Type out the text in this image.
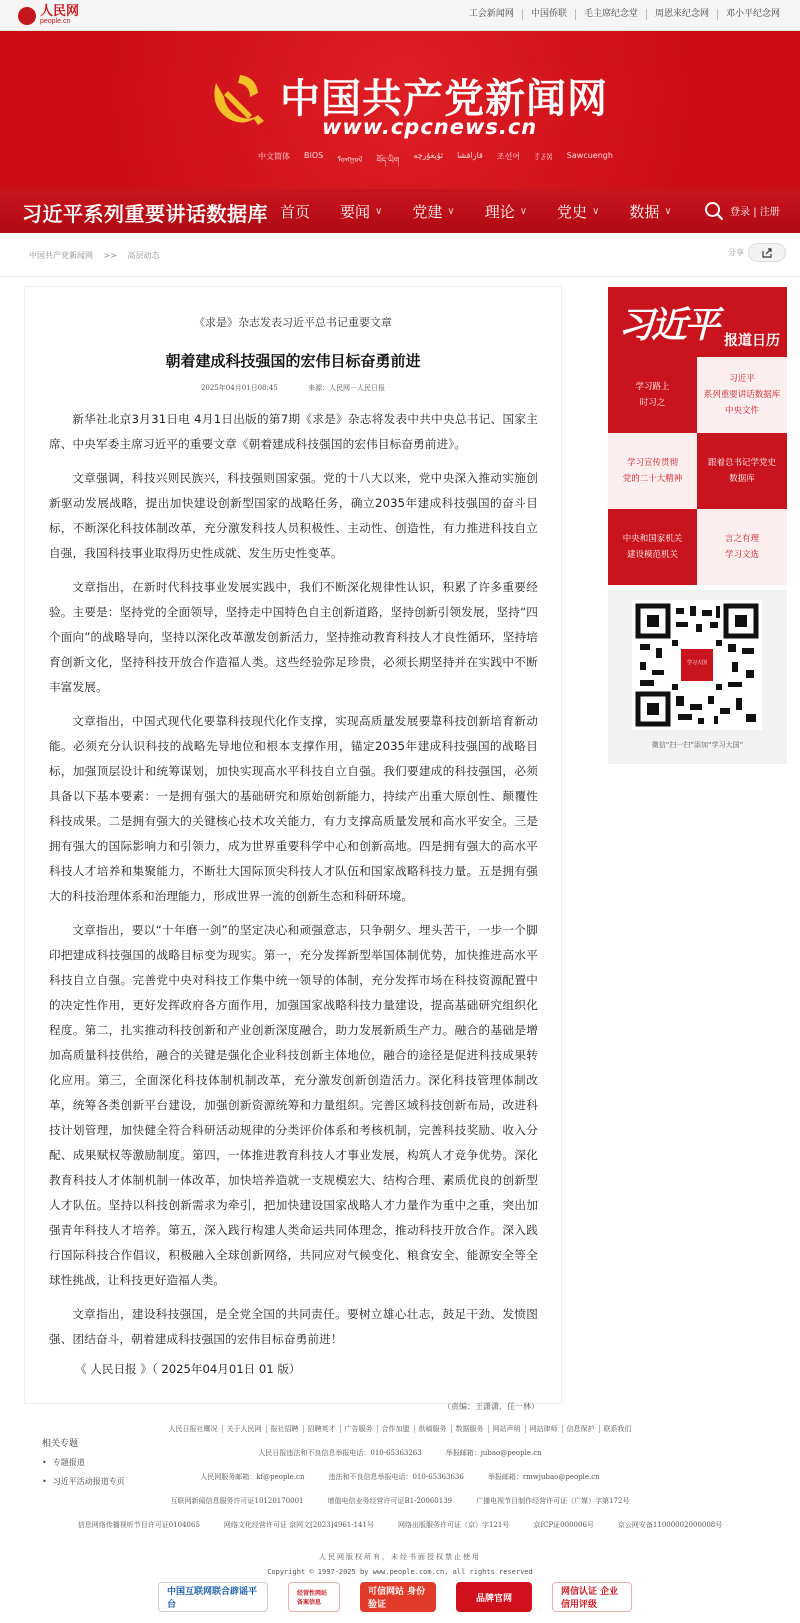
人民网
people.cn
工会新闻网	中国侨联	毛主席纪念堂	周恩来纪念网	邓小平纪念网
中国共产党新闻网
www.cpcnews.cn
中文简体 BIOS ᠮᠣᠩᠭᠣᠯ བོད་ཡིག
ئۇيغۇرچە قازاقشا 조선어 ꆈꌠꉙ Sawcuengh
习近平系列重要讲话数据库 首页 要闻 ∨ 党建 ∨ 理论 ∨ 党史 ∨ 数据 ∨	登录 | 注册
中国共产党新闻网 >> 高层动态	分享
《求是》杂志发表习近平总书记重要文章
朝着建成科技强国的宏伟目标奋勇前进
2025年04月01日08:45	来源：人民网－人民日报

新华社北京3月31日电 4月1日出版的第7期《求是》杂志将发表中共中央总书记、国家主席、中央军委主席习近平的重要文章《朝着建成科技强国的宏伟目标奋勇前进》。

文章强调，科技兴则民族兴，科技强则国家强。党的十八大以来，党中央深入推动实施创新驱动发展战略，提出加快建设创新型国家的战略任务，确立2035年建成科技强国的奋斗目标，不断深化科技体制改革，充分激发科技人员积极性、主动性、创造性，有力推进科技自立自强，我国科技事业取得历史性成就、发生历史性变革。

文章指出，在新时代科技事业发展实践中，我们不断深化规律性认识，积累了许多重要经验。主要是：坚持党的全面领导，坚持走中国特色自主创新道路，坚持创新引领发展，坚持“四个面向”的战略导向，坚持以深化改革激发创新活力，坚持推动教育科技人才良性循环，坚持培育创新文化，坚持科技开放合作造福人类。这些经验弥足珍贵，必须长期坚持并在实践中不断丰富发展。

文章指出，中国式现代化要靠科技现代化作支撑，实现高质量发展要靠科技创新培育新动能。必须充分认识科技的战略先导地位和根本支撑作用，锚定2035年建成科技强国的战略目标，加强顶层设计和统筹谋划，加快实现高水平科技自立自强。我们要建成的科技强国，必须具备以下基本要素：一是拥有强大的基础研究和原始创新能力，持续产出重大原创性、颠覆性科技成果。二是拥有强大的关键核心技术攻关能力，有力支撑高质量发展和高水平安全。三是拥有强大的国际影响力和引领力，成为世界重要科学中心和创新高地。四是拥有强大的高水平科技人才培养和集聚能力，不断壮大国际顶尖科技人才队伍和国家战略科技力量。五是拥有强大的科技治理体系和治理能力，形成世界一流的创新生态和科研环境。

文章指出，要以“十年磨一剑”的坚定决心和顽强意志，只争朝夕、埋头苦干，一步一个脚印把建成科技强国的战略目标变为现实。第一，充分发挥新型举国体制优势，加快推进高水平科技自立自强。完善党中央对科技工作集中统一领导的体制，充分发挥市场在科技资源配置中的决定性作用，更好发挥政府各方面作用，加强国家战略科技力量建设，提高基础研究组织化程度。第二，扎实推动科技创新和产业创新深度融合，助力发展新质生产力。融合的基础是增加高质量科技供给，融合的关键是强化企业科技创新主体地位，融合的途径是促进科技成果转化应用。第三，全面深化科技体制机制改革，充分激发创新创造活力。深化科技管理体制改革，统筹各类创新平台建设，加强创新资源统筹和力量组织。完善区域科技创新布局，改进科技计划管理，加快健全符合科研活动规律的分类评价体系和考核机制，完善科技奖励、收入分配、成果赋权等激励制度。第四，一体推进教育科技人才事业发展，构筑人才竞争优势。深化教育科技人才体制机制一体改革，加快培养造就一支规模宏大、结构合理、素质优良的创新型人才队伍。坚持以科技创新需求为牵引，把加快建设国家战略人才力量作为重中之重，突出加强青年科技人才培养。第五，深入践行构建人类命运共同体理念，推动科技开放合作。深入践行国际科技合作倡议，积极融入全球创新网络，共同应对气候变化、粮食安全、能源安全等全球性挑战，让科技更好造福人类。

文章指出，建设科技强国，是全党全国的共同责任。要树立雄心壮志，鼓足干劲、发愤图强、团结奋斗，朝着建成科技强国的宏伟目标奋勇前进！

《 人民日报 》（ 2025年04月01日 01 版）
（责编：王潇潇、任一林）
相关专题
• 专题报道
• 习近平活动报道专页
习近平 报道日历
学习路上
时习之
习近平
系列重要讲话数据库
中央文件
学习宣传贯彻
党的二十大精神
跟着总书记学党史
数据库
中央和国家机关
建设模范机关
言之有理
学习文选
学习大国
微信“扫一扫”添加“学习大国”
人民日报社概况 关于人民网 报社招聘 招聘英才 广告服务 合作加盟 供稿服务 数据服务 网站声明 网站律师 信息保护 联系我们
人民日报违法和不良信息举报电话：010-65363263	举报邮箱：jubao@people.cn
人民网服务邮箱：kf@people.cn	违法和不良信息举报电话：010-65363636	举报邮箱：rmwjubao@people.cn
互联网新闻信息服务许可证10120170001	增值电信业务经营许可证B1-20060139	广播电视节目制作经营许可证（广媒）字第172号
信息网络传播视听节目许可证0104065	网络文化经营许可证 京网文[2023]4961-141号	网络出版服务许可证（京）字121号	京ICP证000006号	京公网安备11000002000008号
人民网版权所有，未经书面授权禁止使用
Copyright © 1997-2025 by www.people.com.cn. all rights reserved
中国互联网联合辟谣平台
经营性网站备案信息
可信网站 身份验证
品牌官网
网信认证 企业信用评级
